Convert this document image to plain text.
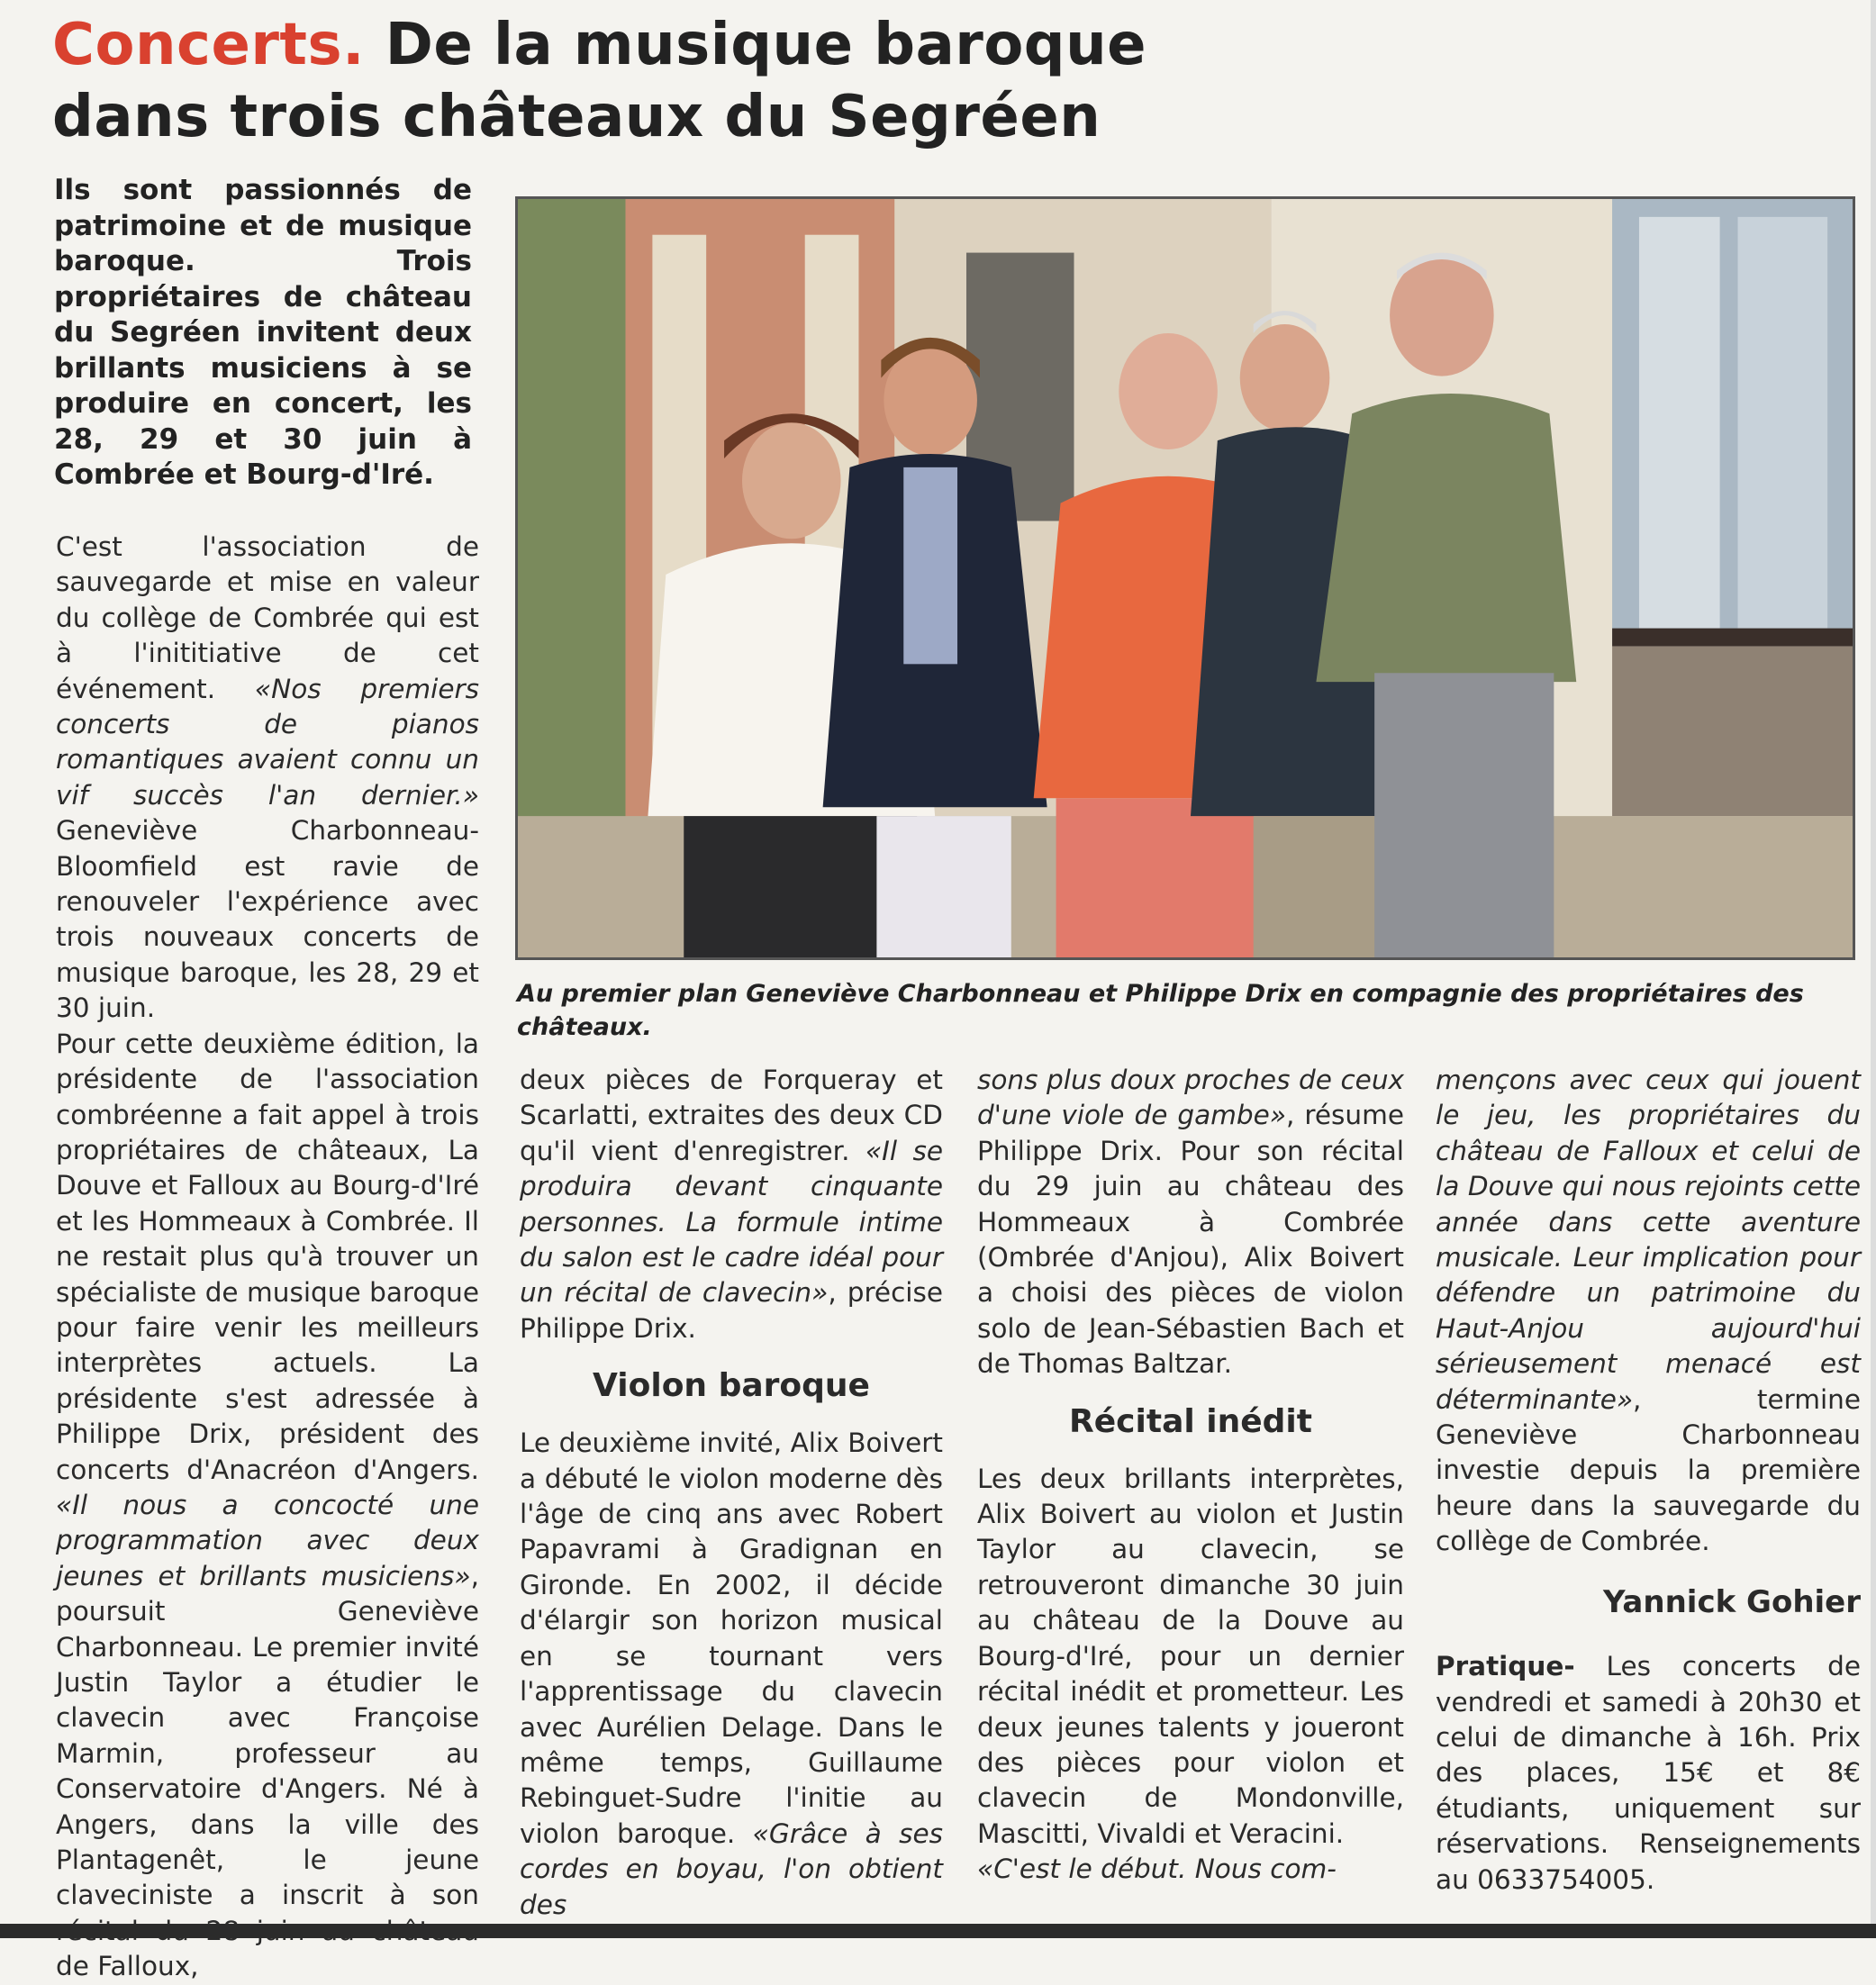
Concerts. De la musique baroque
dans trois châteaux du Segréen
Ils sont passionnés de patrimoine et de musique baroque. Trois propriétaires de château du Segréen invitent deux brillants musiciens à se produire en concert, les 28, 29 et 30 juin à Combrée et Bourg-d'Iré.
Au premier plan Geneviève Charbonneau et Philippe Drix en compagnie des propriétaires des châteaux.

C'est l'association de sauvegarde et mise en valeur du collège de Combrée qui est à l'inititiative de cet événement. «Nos premiers concerts de pianos romantiques avaient connu un vif succès l'an dernier.» Geneviève Charbonneau-Bloomfield est ravie de renouveler l'expérience avec trois nouveaux concerts de musique baroque, les 28, 29 et 30 juin.

Pour cette deuxième édition, la présidente de l'association combréenne a fait appel à trois propriétaires de châteaux, La Douve et Falloux au Bourg-d'Iré et les Hommeaux à Combrée. Il ne restait plus qu'à trouver un spécialiste de musique baroque pour faire venir les meilleurs interprètes actuels. La présidente s'est adressée à Philippe Drix, président des concerts d'Anacréon d'Angers. «Il nous a concocté une programmation avec deux jeunes et brillants musiciens», poursuit Geneviève Charbonneau. Le premier invité Justin Taylor a étudier le clavecin avec Françoise Marmin, professeur au Conservatoire d'Angers. Né à Angers, dans la ville des Plantagenêt, le jeune claveciniste a inscrit à son de Falloux,

deux pièces de Forqueray et Scarlatti, extraites des deux CD qu'il vient d'enregistrer. «Il se produira devant cinquante personnes. La formule intime du salon est le cadre idéal pour un récital de clavecin», précise Philippe Drix.

Violon baroque

Le deuxième invité, Alix Boivert a débuté le violon moderne dès l'âge de cinq ans avec Robert Papavrami à Gradignan en Gironde. En 2002, il décide d'élargir son horizon musical en se tournant vers l'apprentissage du clavecin avec Aurélien Delage. Dans le même temps, Guillaume Rebinguet-Sudre l'initie au violon baroque. «Grâce à ses cordes en boyau, l'on obtient des

sons plus doux proches de ceux d'une viole de gambe», résume Philippe Drix. Pour son récital du 29 juin au château des Hommeaux à Combrée (Ombrée d'Anjou), Alix Boivert a choisi des pièces de violon solo de Jean-Sébastien Bach et de Thomas Baltzar.

Récital inédit

Les deux brillants interprètes, Alix Boivert au violon et Justin Taylor au clavecin, se retrouveront dimanche 30 juin au château de la Douve au Bourg-d'Iré, pour un dernier récital inédit et prometteur. Les deux jeunes talents y joueront des pièces pour violon et clavecin de Mondonville, Mascitti, Vivaldi et Veracini.

«C'est le début. Nous com-

mençons avec ceux qui jouent le jeu, les propriétaires du château de Falloux et celui de la Douve qui nous rejoints cette année dans cette aventure musicale. Leur implication pour défendre un patrimoine du Haut-Anjou aujourd'hui sérieusement menacé est déterminante», termine Geneviève Charbonneau investie depuis la première heure dans la sauvegarde du collège de Combrée.

Yannick Gohier

Pratique- Les concerts de vendredi et samedi à 20h30 et celui de dimanche à 16h. Prix des places, 15€ et 8€ étudiants, uniquement sur réservations. Renseignements au 0633754005.
